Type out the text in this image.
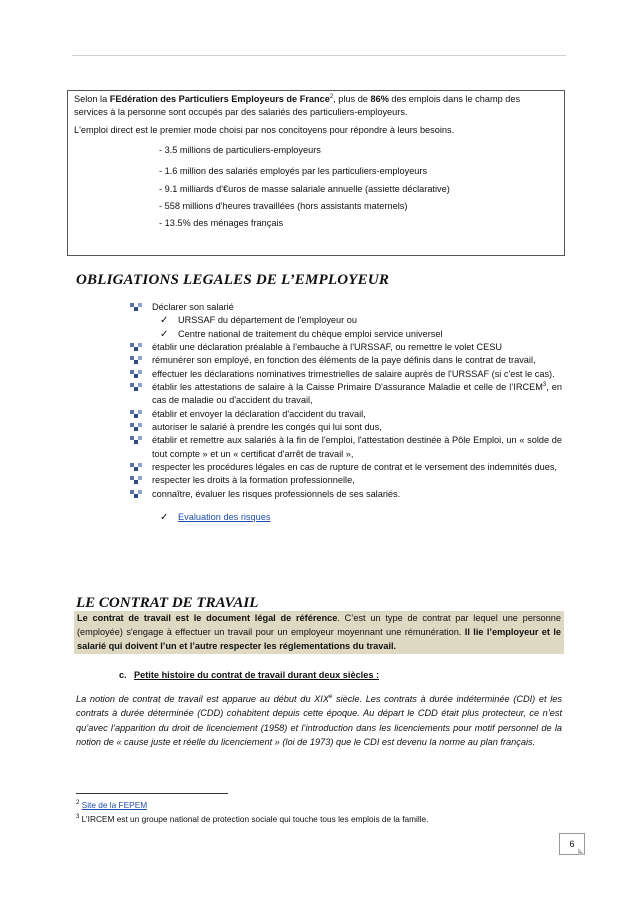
Selon la FEdération des Particuliers Employeurs de France$^2$, plus de 86% des emplois dans le champ des

services à la personne sont occupés par des salariés des particuliers-employeurs.

L'emploi direct est le premier mode choisi par nos concitoyens pour répondre à leurs besoins.

- 3.5 millions de particuliers-employeurs

- 1.6 million des salariés employés par les particuliers-employeurs

- 9.1 milliards d'€uros de masse salariale annuelle (assiette déclarative)

- 558 millions d'heures travaillées (hors assistants maternels)

- 13.5% des ménages français

OBLIGATIONS LEGALES DE L’EMPLOYEUR
Déclarer son salarié
✓ URSSAF du département de l'employeur ou
✓ Centre national de traitement du chèque emploi service universel
établir une déclaration préalable à l’embauche à l'URSSAF, ou remettre le volet CESU
rémunérer son employé, en fonction des éléments de la paye définis dans le contrat de travail,
effectuer les déclarations nominatives trimestrielles de salaire auprès de l'URSSAF (si c'est le cas).
établir les attestations de salaire à la Caisse Primaire D'assurance Maladie et celle de l’IRCEM$^3$, en cas de maladie ou d'accident du travail,
établir et envoyer la déclaration d'accident du travail,
autoriser le salarié à prendre les congés qui lui sont dus,
établir et remettre aux salariés à la fin de l'emploi, l'attestation destinée à Pôle Emploi, un « solde de tout compte » et un « certificat d'arrêt de travail »,
respecter les procédures légales en cas de rupture de contrat et le versement des indemnités dues,
respecter les droits à la formation professionnelle,
connaître, évaluer les risques professionnels de ses salariés.
✓ Evaluation des risques
LE CONTRAT DE TRAVAIL
Le contrat de travail est le document légal de référence. C’est un type de contrat par lequel une personne (employée) s'engage à effectuer un travail pour un employeur moyennant une rémunération. Il lie l’employeur et le salarié qui doivent l’un et l’autre respecter les réglementations du travail.
c. Petite histoire du contrat de travail durant deux siècles :
La notion de contrat de travail est apparue au début du XIXe siècle. Les contrats à durée indéterminée (CDI) et les contrats à durée déterminée (CDD) cohabitent depuis cette époque. Au départ le CDD était plus protecteur, ce n’est qu’avec l’apparition du droit de licenciement (1958) et l’introduction dans les licenciements pour motif personnel de la notion de « cause juste et réelle du licenciement » (loi de 1973) que le CDI est devenu la norme au plan français.
$^2$ Site de la FEPEM
$^3$ L’IRCEM est un groupe national de protection sociale qui touche tous les emplois de la famille.
6
